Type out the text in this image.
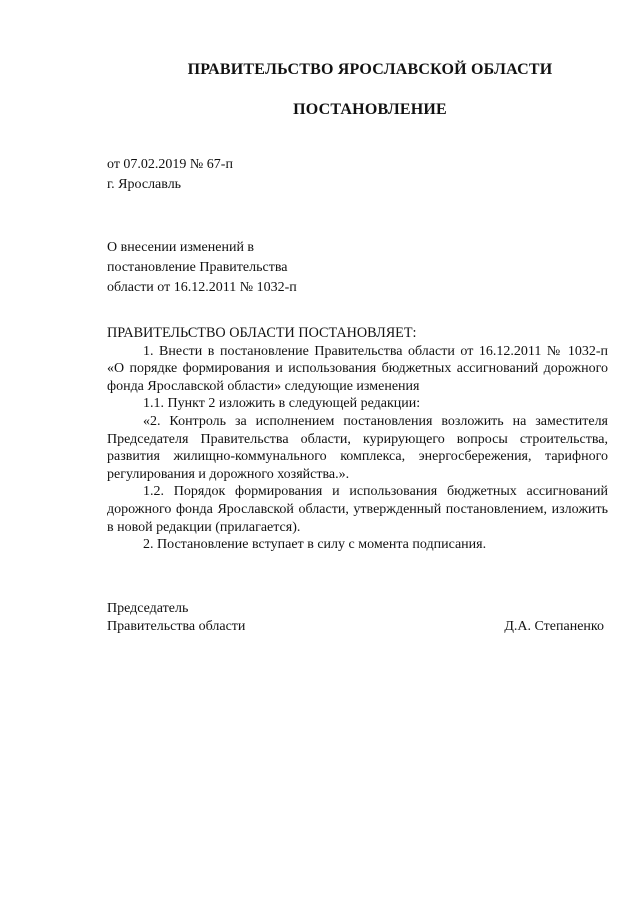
ПРАВИТЕЛЬСТВО ЯРОСЛАВСКОЙ ОБЛАСТИ
ПОСТАНОВЛЕНИЕ
от 07.02.2019 № 67-п
г. Ярославль
О внесении изменений в
постановление Правительства
области от 16.12.2011 № 1032-п

ПРАВИТЕЛЬСТВО ОБЛАСТИ ПОСТАНОВЛЯЕТ:

1. Внести в постановление Правительства области от 16.12.2011 № 1032-п «О порядке формирования и использования бюджетных ассигнований дорожного фонда Ярославской области» следующие изменения

1.1. Пункт 2 изложить в следующей редакции:

«2. Контроль за исполнением постановления возложить на заместителя Председателя Правительства области, курирующего вопросы строительства, развития жилищно-коммунального комплекса, энергосбережения, тарифного регулирования и дорожного хозяйства.».

1.2. Порядок формирования и использования бюджетных ассигнований дорожного фонда Ярославской области, утвержденный постановлением, изложить в новой редакции (прилагается).

2. Постановление вступает в силу с момента подписания.

Председатель
Правительства области	Д.А. Степаненко
